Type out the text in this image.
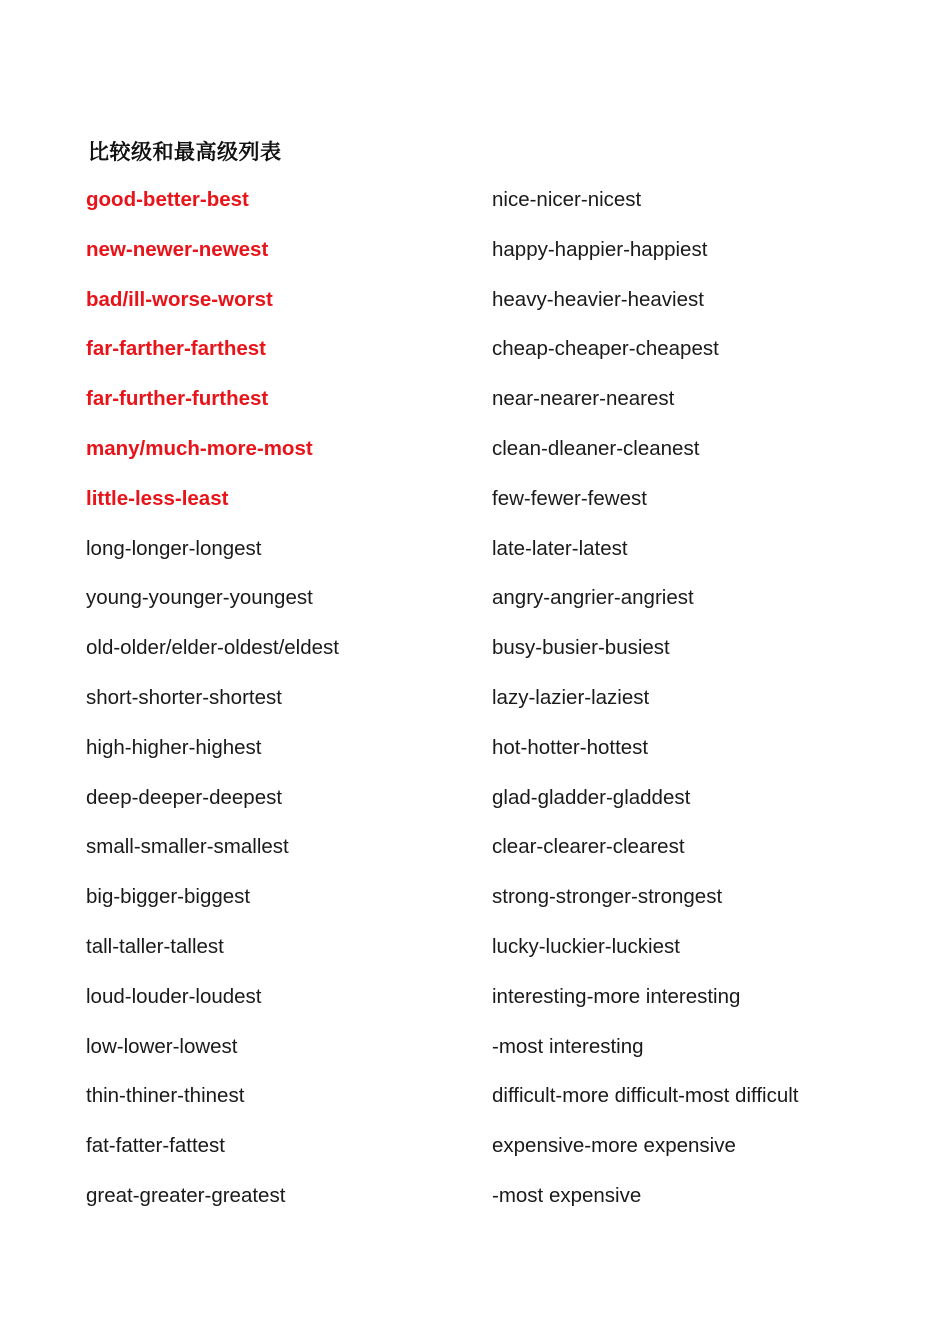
比较级和最高级列表
good-better-best
new-newer-newest
bad/ill-worse-worst
far-farther-farthest
far-further-furthest
many/much-more-most
little-less-least
long-longer-longest
young-younger-youngest
old-older/elder-oldest/eldest
short-shorter-shortest
high-higher-highest
deep-deeper-deepest
small-smaller-smallest
big-bigger-biggest
tall-taller-tallest
loud-louder-loudest
low-lower-lowest
thin-thiner-thinest
fat-fatter-fattest
great-greater-greatest
nice-nicer-nicest
happy-happier-happiest
heavy-heavier-heaviest
cheap-cheaper-cheapest
near-nearer-nearest
clean-dleaner-cleanest
few-fewer-fewest
late-later-latest
angry-angrier-angriest
busy-busier-busiest
lazy-lazier-laziest
hot-hotter-hottest
glad-gladder-gladdest
clear-clearer-clearest
strong-stronger-strongest
lucky-luckier-luckiest
interesting-more interesting
-most interesting
difficult-more difficult-most difficult
expensive-more expensive
-most expensive
